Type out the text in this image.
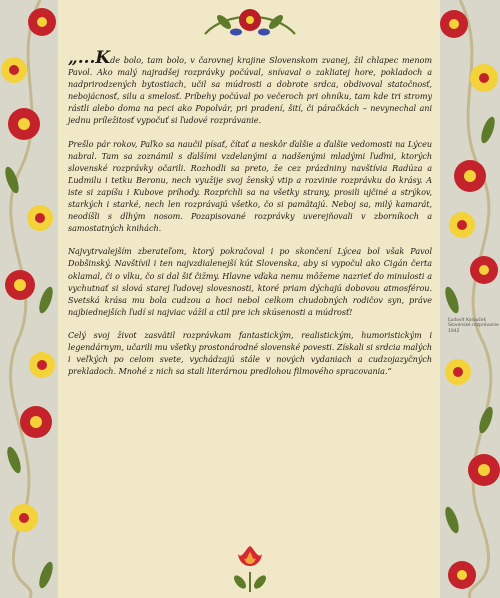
„...Kde bolo, tam bolo, v čarovnej krajine Slovenskom zvanej, žil chlapec menom Pavol. Ako malý najradšej rozprávky počúval, snívaval o zakliatej hore, pokladoch a nadprirodzených bytostiach, učil sa múdrosti a dobrote srdca, obdivoval statočnosť, nebojácnosť, silu a smelosť. Príbehy počúval po večeroch pri ohníku, tam kde tri stromy rástli alebo doma na peci ako Popolvár, pri pradení, šití, či páračkách – nevynechal ani jednu príležitosť vypočuť si ľudové rozprávanie.

Prešlo pár rokov, Paľko sa naučil písať, čítať a neskôr ďalšie a ďalšie vedomosti na Lýceu nabral. Tam sa zoznámil s ďalšími vzdelanými a nadšenými mladými ľuďmi, ktorých slovenské rozprávky očarili. Rozhodli sa preto, že cez prázdniny navštívia Radúza a Ľudmilu i tetku Beronu, nech využije svoj ženský vtip a rozvinie rozprávku do krásy. A iste si zapíšu i Kubove príhody. Rozpŕchli sa na všetky strany, prosili ujčiné a strýkov, starkých i starké, nech len rozprávajú všetko, čo si pamätajú. Neboj sa, milý kamarát, neodíšli s dlhým nosom. Pozapisované rozprávky uverejňovali v zborníkoch a samostatných knihách.

Najvytrvalejším zberateľom, ktorý pokračoval i po skončení Lýcea bol však Pavol Dobšinský. Navštívil i ten najvzdialenejší kút Slovenska, aby si vypočul ako Cigán čerta oklamal, či o vlku, čo si dal šiť čižmy. Hlavne vďaka nemu môžeme nazrieť do minulosti a vychutnať si slová starej ľudovej slovesnosti, ktoré priam dýchajú dobovou atmosférou. Svetská krása mu bola cudzou a hoci nebol celkom chudobných rodičov syn, práve najbiednejších ľudí si najviac vážil a ctil pre ich skúsenosti a múdrosť!

Celý svoj život zasvätil rozprávkam fantastickým, realistickým, humoristickým i legendárnym, učarili mu všetky prostonárodné slovenské povesti. Získali si srdcia malých i veľkých po celom svete, vychádzajú stále v nových vydaniach a cudzojazyčných prekladoch. Mnohé z nich sa stali literárnou predlohou filmového spracovania.“

Ľudovít Kolouček
Slovenské rozprávanie
1942
